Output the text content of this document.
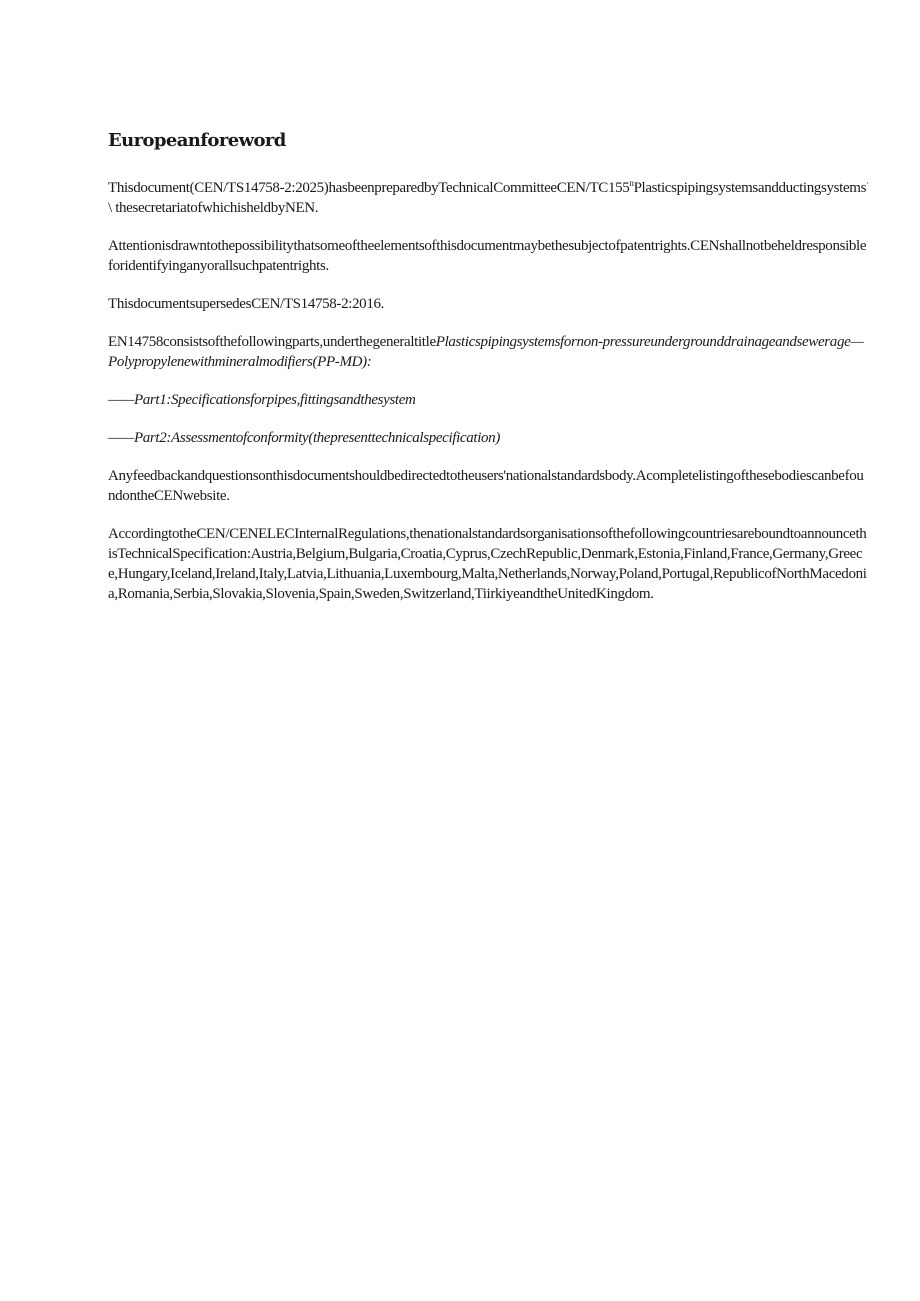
Europeanforeword

Thisdocument(CEN/TS14758-2:2025)hasbeenpreparedbyTechnicalCommitteeCEN/TC155$^n$Plasticspipingsystemsandductingsystems·\ thesecretariatofwhichisheldbyNEN.

Attentionisdrawntothepossibilitythatsomeoftheelementsofthisdocumentmaybethesubjectofpatentrights.CENshallnotbeheldresponsibleforidentifyinganyorallsuchpatentrights.

ThisdocumentsupersedesCEN/TS14758-2:2016.

EN14758consistsofthefollowingparts,underthegeneraltitlePlasticspipingsystemsfornon-pressureundergrounddrainageandsewerage—Polypropylenewithmineralmodifiers(PP-MD):

——Part1:Specificationsforpipes,fittingsandthesystem

——Part2:Assessmentofconformity(thepresenttechnicalspecification)

Anyfeedbackandquestionsonthisdocumentshouldbedirectedtotheusers'nationalstandardsbody.AcompletelistingofthesebodiescanbefoundontheCENwebsite.

AccordingtotheCEN/CENELECInternalRegulations,thenationalstandardsorganisationsofthefollowingcountriesareboundtoannouncethisTechnicalSpecification:Austria,Belgium,Bulgaria,Croatia,Cyprus,CzechRepublic,Denmark,Estonia,Finland,France,Germany,Greece,Hungary,Iceland,Ireland,Italy,Latvia,Lithuania,Luxembourg,Malta,Netherlands,Norway,Poland,Portugal,RepublicofNorthMacedonia,Romania,Serbia,Slovakia,Slovenia,Spain,Sweden,Switzerland,TiirkiyeandtheUnitedKingdom.
